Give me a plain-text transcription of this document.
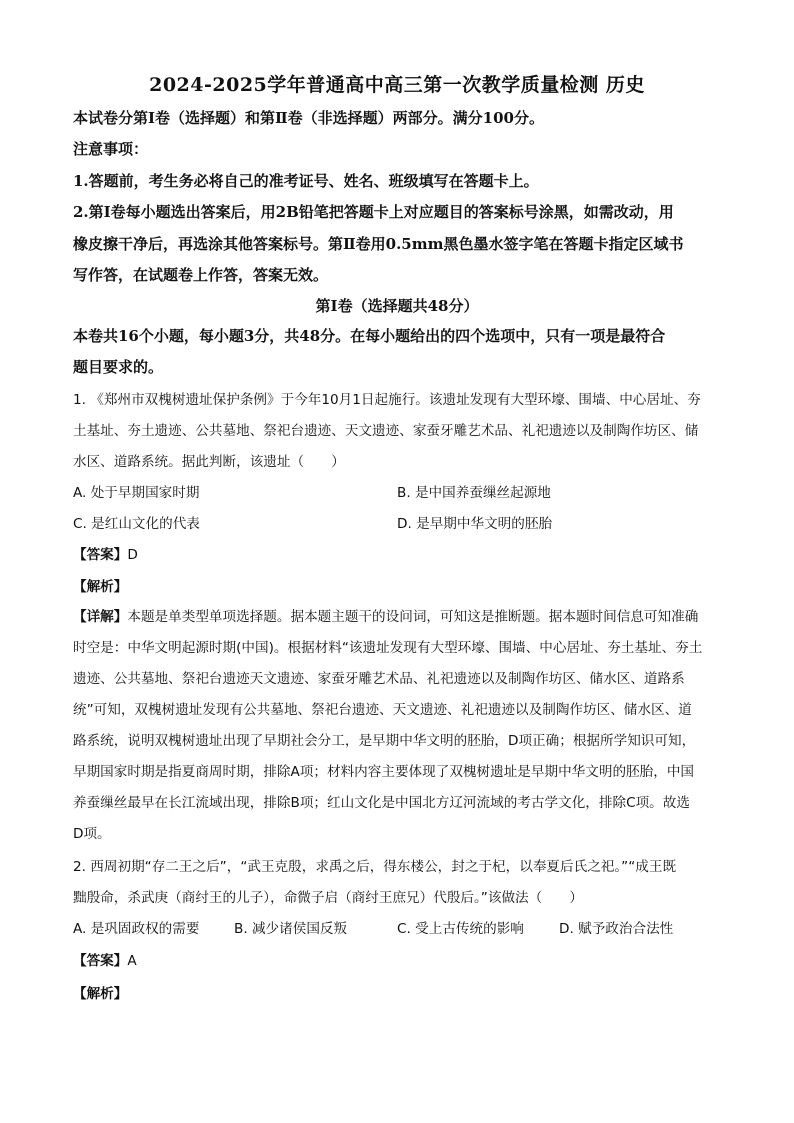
2024-2025学年普通高中高三第一次教学质量检测 历史
本试卷分第Ⅰ卷（选择题）和第Ⅱ卷（非选择题）两部分。满分100分。
注意事项：
1.答题前，考生务必将自己的准考证号、姓名、班级填写在答题卡上。
2.第Ⅰ卷每小题选出答案后，用2B铅笔把答题卡上对应题目的答案标号涂黑，如需改动，用
橡皮擦干净后，再选涂其他答案标号。第Ⅱ卷用0.5mm黑色墨水签字笔在答题卡指定区域书
写作答，在试题卷上作答，答案无效。
第Ⅰ卷（选择题共48分）
本卷共16个小题，每小题3分，共48分。在每小题给出的四个选项中，只有一项是最符合
题目要求的。
1. 《郑州市双槐树遗址保护条例》于今年10月1日起施行。该遗址发现有大型环壕、围墙、中心居址、夯
土基址、夯土遗迹、公共墓地、祭祀台遗迹、天文遗迹、家蚕牙雕艺术品、礼祀遗迹以及制陶作坊区、储
水区、道路系统。据此判断，该遗址（　　）
A. 处于早期国家时期	B. 是中国养蚕缫丝起源地
C. 是红山文化的代表	D. 是早期中华文明的胚胎
【答案】D
【解析】
【详解】本题是单类型单项选择题。据本题主题干的设问词，可知这是推断题。据本题时间信息可知准确
时空是：中华文明起源时期(中国)。根据材料“该遗址发现有大型环壕、围墙、中心居址、夯土基址、夯土
遗迹、公共墓地、祭祀台遗迹天文遗迹、家蚕牙雕艺术品、礼祀遗迹以及制陶作坊区、储水区、道路系
统”可知，双槐树遗址发现有公共墓地、祭祀台遗迹、天文遗迹、礼祀遗迹以及制陶作坊区、储水区、道
路系统，说明双槐树遗址出现了早期社会分工，是早期中华文明的胚胎，D项正确；根据所学知识可知，
早期国家时期是指夏商周时期，排除A项；材料内容主要体现了双槐树遗址是早期中华文明的胚胎，中国
养蚕缫丝最早在长江流域出现，排除B项；红山文化是中国北方辽河流域的考古学文化，排除C项。故选
D项。
2. 西周初期“存二王之后”，“武王克殷，求禹之后，得东楼公，封之于杞，以奉夏后氏之祀。”“成王既
黜殷命，杀武庚（商纣王的儿子），命微子启（商纣王庶兄）代殷后。”该做法（　　）
A. 是巩固政权的需要	B. 减少诸侯国反叛	C. 受上古传统的影响	D. 赋予政治合法性
【答案】A
【解析】
